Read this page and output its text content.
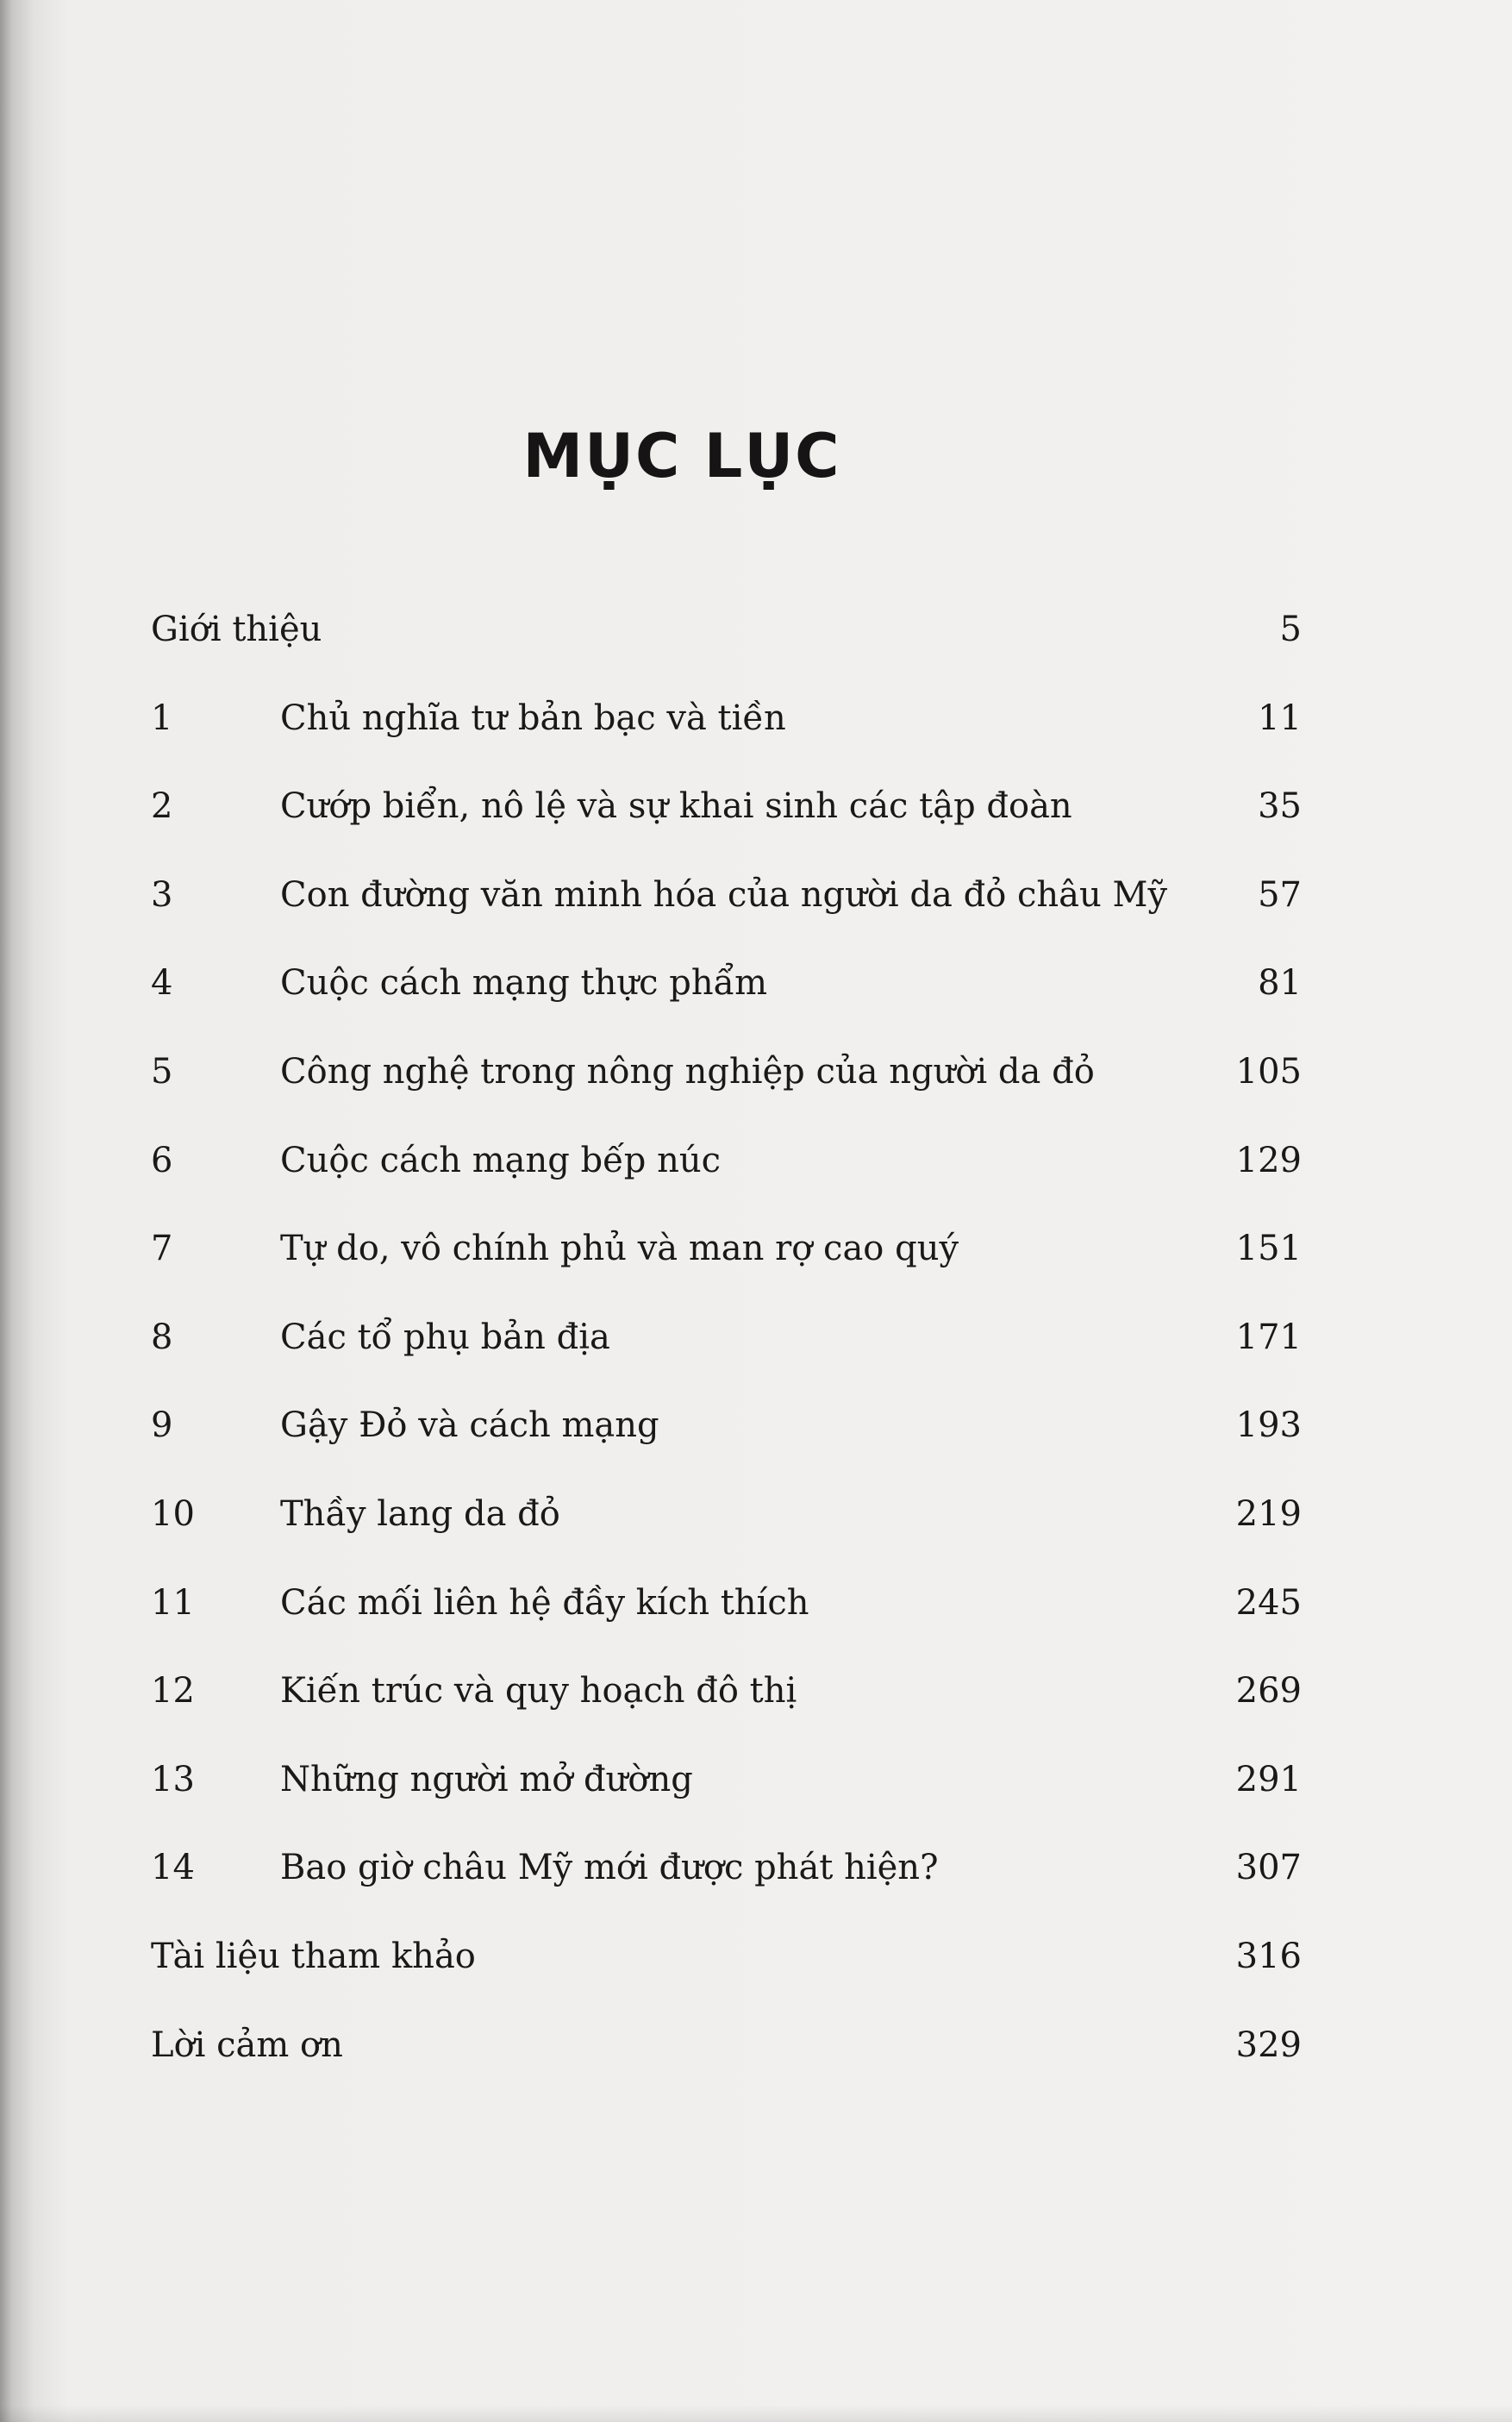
MỤC LỤC
Giới thiệu	5
1	Chủ nghĩa tư bản bạc và tiền	11
2	Cướp biển, nô lệ và sự khai sinh các tập đoàn	35
3	Con đường văn minh hóa của người da đỏ châu Mỹ	57
4	Cuộc cách mạng thực phẩm	81
5	Công nghệ trong nông nghiệp của người da đỏ	105
6	Cuộc cách mạng bếp núc	129
7	Tự do, vô chính phủ và man rợ cao quý	151
8	Các tổ phụ bản địa	171
9	Gậy Đỏ và cách mạng	193
10 Thầy lang da đỏ	219
11 Các mối liên hệ đầy kích thích	245
12 Kiến trúc và quy hoạch đô thị	269
13 Những người mở đường	291
14 Bao giờ châu Mỹ mới được phát hiện?	307
Tài liệu tham khảo	316
Lời cảm ơn	329
